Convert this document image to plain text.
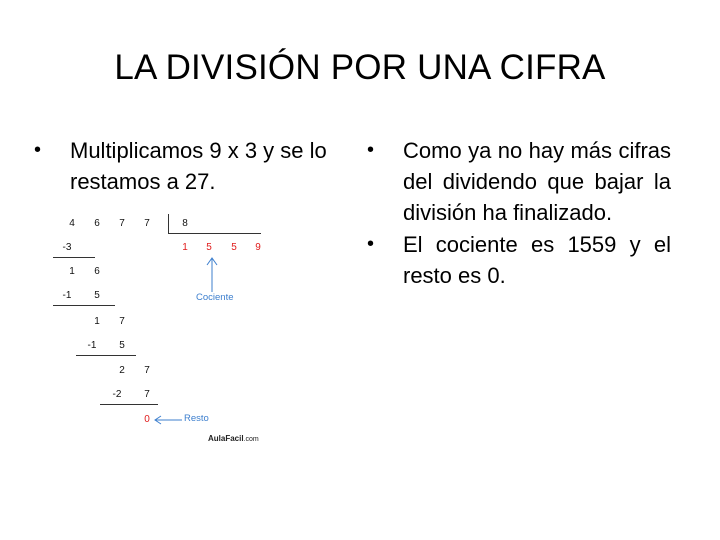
LA DIVISIÓN POR UNA CIFRA
•	Multiplicamos 9 x 3 y se lo restamos a 27.
•	Como ya no hay más cifras del dividendo que bajar la división ha finalizado.
•	El cociente es 1559 y el resto es 0.
4	6	7	7	8
1	5	5	9
Cociente
-3
1	6
-1	5
1	7
-1	5
2	7
-2	7
0	Resto
AulaFacil.com
